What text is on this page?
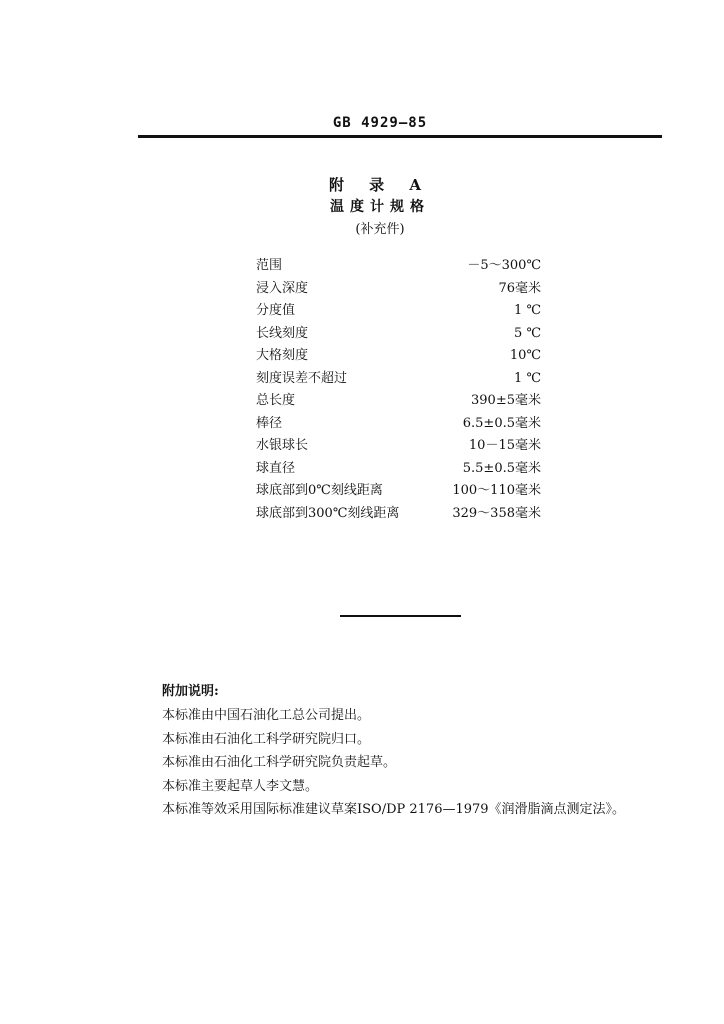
GB 4929—85
附 录 A
温度计规格
(补充件)
范围	－5～300℃
浸入深度	76毫米
分度值	1 ℃
长线刻度	5 ℃
大格刻度	10℃
刻度误差不超过	1 ℃
总长度	390±5毫米
棒径	6.5±0.5毫米
水银球长	10－15毫米
球直径	5.5±0.5毫米
球底部到0℃刻线距离	100～110毫米
球底部到300℃刻线距离	329～358毫米
附加说明:
本标准由中国石油化工总公司提出。
本标准由石油化工科学研究院归口。
本标准由石油化工科学研究院负责起草。
本标准主要起草人李文慧。
本标准等效采用国际标准建议草案ISO/DP 2176—1979《润滑脂滴点测定法》。
